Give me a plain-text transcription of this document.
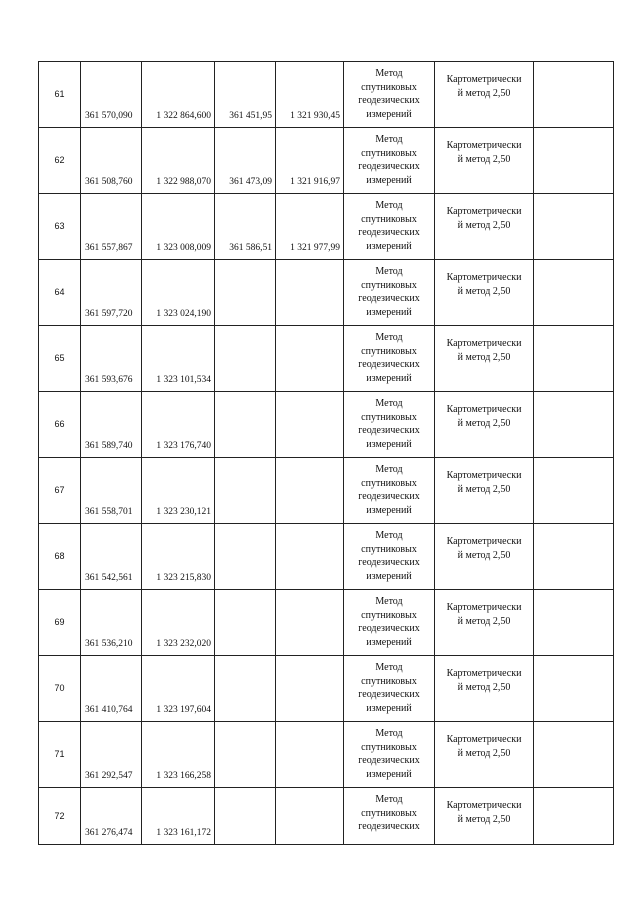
61	361 570,090	1 322 864,600	361 451,95	1 321 930,45	Метод
спутниковых
геодезических
измерений	Картометрически
й метод 2,50	

62	361 508,760	1 322 988,070	361 473,09	1 321 916,97	Метод
спутниковых
геодезических
измерений	Картометрически
й метод 2,50	

63	361 557,867	1 323 008,009	361 586,51	1 321 977,99	Метод
спутниковых
геодезических
измерений	Картометрически
й метод 2,50	

64	361 597,720	1 323 024,190			Метод
спутниковых
геодезических
измерений	Картометрически
й метод 2,50	

65	361 593,676	1 323 101,534			Метод
спутниковых
геодезических
измерений	Картометрически
й метод 2,50	

66	361 589,740	1 323 176,740			Метод
спутниковых
геодезических
измерений	Картометрически
й метод 2,50	

67	361 558,701	1 323 230,121			Метод
спутниковых
геодезических
измерений	Картометрически
й метод 2,50	

68	361 542,561	1 323 215,830			Метод
спутниковых
геодезических
измерений	Картометрически
й метод 2,50	

69	361 536,210	1 323 232,020			Метод
спутниковых
геодезических
измерений	Картометрически
й метод 2,50	

70	361 410,764	1 323 197,604			Метод
спутниковых
геодезических
измерений	Картометрически
й метод 2,50	

71	361 292,547	1 323 166,258			Метод
спутниковых
геодезических
измерений	Картометрически
й метод 2,50	

72	361 276,474	1 323 161,172			Метод
спутниковых
геодезических	Картометрически
й метод 2,50	
